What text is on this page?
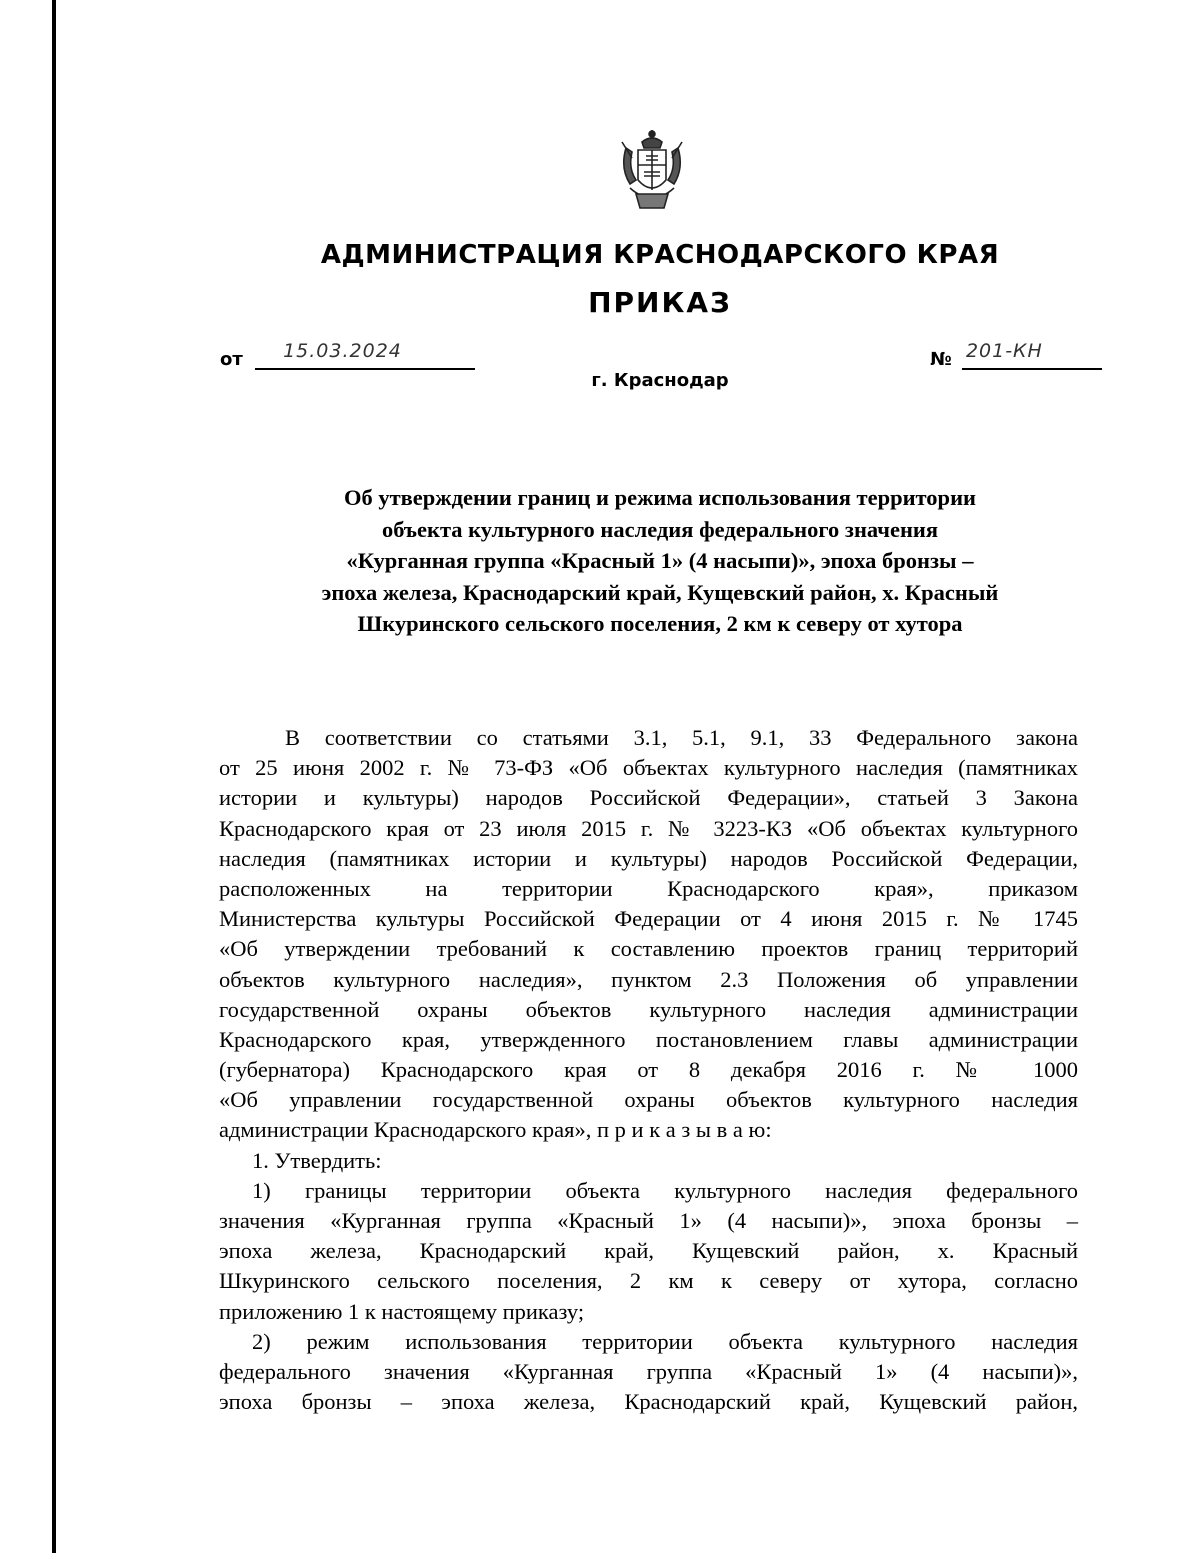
АДМИНИСТРАЦИЯ КРАСНОДАРСКОГО КРАЯ
ПРИКАЗ
от 15.03.2024	№ 201-КН
г. Краснодар
Об утверждении границ и режима использования территории
объекта культурного наследия федерального значения
«Курганная группа «Красный 1» (4 насыпи)», эпоха бронзы –
эпоха железа, Краснодарский край, Кущевский район, х. Красный
Шкуринского сельского поселения, 2 км к северу от хутора
В соответствии со статьями 3.1, 5.1, 9.1, 33 Федерального закона
от 25 июня 2002 г. № 73-ФЗ «Об объектах культурного наследия (памятниках
истории и культуры) народов Российской Федерации», статьей 3 Закона
Краснодарского края от 23 июля 2015 г. № 3223-КЗ «Об объектах культурного
наследия (памятниках истории и культуры) народов Российской Федерации,
расположенных на территории Краснодарского края», приказом
Министерства культуры Российской Федерации от 4 июня 2015 г. № 1745
«Об утверждении требований к составлению проектов границ территорий
объектов культурного наследия», пунктом 2.3 Положения об управлении
государственной охраны объектов культурного наследия администрации
Краснодарского края, утвержденного постановлением главы администрации
(губернатора) Краснодарского края от 8 декабря 2016 г. № 1000
«Об управлении государственной охраны объектов культурного наследия
администрации Краснодарского края», п р и к а з ы в а ю:
1. Утвердить:
1) границы территории объекта культурного наследия федерального
значения «Курганная группа «Красный 1» (4 насыпи)», эпоха бронзы –
эпоха железа, Краснодарский край, Кущевский район, х. Красный
Шкуринского сельского поселения, 2 км к северу от хутора, согласно
приложению 1 к настоящему приказу;
2) режим использования территории объекта культурного наследия
федерального значения «Курганная группа «Красный 1» (4 насыпи)»,
эпоха бронзы – эпоха железа, Краснодарский край, Кущевский район,
